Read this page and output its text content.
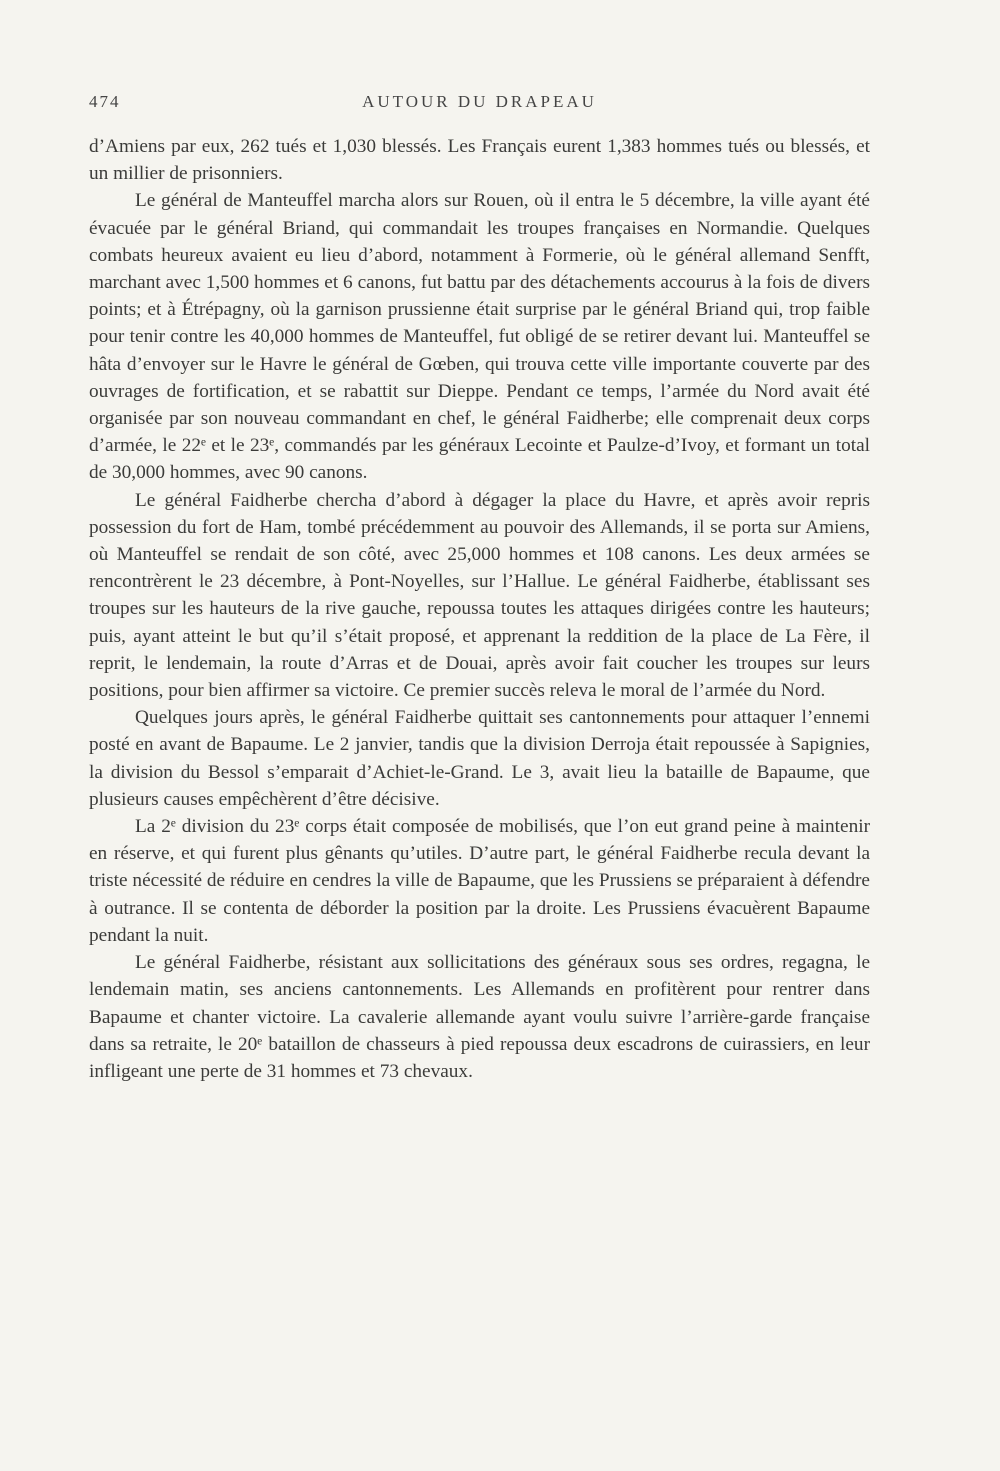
474	AUTOUR DU DRAPEAU

d’Amiens par eux, 262 tués et 1,030 blessés. Les Français eurent 1,383 hommes tués ou blessés, et un millier de prisonniers.

Le général de Manteuffel marcha alors sur Rouen, où il entra le 5 décembre, la ville ayant été évacuée par le général Briand, qui commandait les troupes françaises en Normandie. Quelques combats heureux avaient eu lieu d’abord, notamment à Formerie, où le général allemand Senfft, marchant avec 1,500 hommes et 6 canons, fut battu par des détachements accourus à la fois de divers points; et à Étrépagny, où la garnison prussienne était surprise par le général Briand qui, trop faible pour tenir contre les 40,000 hommes de Manteuffel, fut obligé de se retirer devant lui. Manteuffel se hâta d’envoyer sur le Havre le général de Gœben, qui trouva cette ville importante couverte par des ouvrages de fortification, et se rabattit sur Dieppe. Pendant ce temps, l’armée du Nord avait été organisée par son nouveau commandant en chef, le général Faidherbe; elle comprenait deux corps d’armée, le 22ᵉ et le 23ᵉ, commandés par les généraux Lecointe et Paulze-d’Ivoy, et formant un total de 30,000 hommes, avec 90 canons.

Le général Faidherbe chercha d’abord à dégager la place du Havre, et après avoir repris possession du fort de Ham, tombé précédemment au pouvoir des Allemands, il se porta sur Amiens, où Manteuffel se rendait de son côté, avec 25,000 hommes et 108 canons. Les deux armées se rencontrèrent le 23 décembre, à Pont-Noyelles, sur l’Hallue. Le général Faidherbe, établissant ses troupes sur les hauteurs de la rive gauche, repoussa toutes les attaques dirigées contre les hauteurs; puis, ayant atteint le but qu’il s’était proposé, et apprenant la reddition de la place de La Fère, il reprit, le lendemain, la route d’Arras et de Douai, après avoir fait coucher les troupes sur leurs positions, pour bien affirmer sa victoire. Ce premier succès releva le moral de l’armée du Nord.

Quelques jours après, le général Faidherbe quittait ses cantonnements pour attaquer l’ennemi posté en avant de Bapaume. Le 2 janvier, tandis que la division Derroja était repoussée à Sapignies, la division du Bessol s’emparait d’Achiet-le-Grand. Le 3, avait lieu la bataille de Bapaume, que plusieurs causes empêchèrent d’être décisive.

La 2ᵉ division du 23ᵉ corps était composée de mobilisés, que l’on eut grand peine à maintenir en réserve, et qui furent plus gênants qu’utiles. D’autre part, le général Faidherbe recula devant la triste nécessité de réduire en cendres la ville de Bapaume, que les Prussiens se préparaient à défendre à outrance. Il se contenta de déborder la position par la droite. Les Prussiens évacuèrent Bapaume pendant la nuit.

Le général Faidherbe, résistant aux sollicitations des généraux sous ses ordres, regagna, le lendemain matin, ses anciens cantonnements. Les Allemands en profitèrent pour rentrer dans Bapaume et chanter victoire. La cavalerie allemande ayant voulu suivre l’arrière-garde française dans sa retraite, le 20ᵉ bataillon de chasseurs à pied repoussa deux escadrons de cuirassiers, en leur infligeant une perte de 31 hommes et 73 chevaux.
